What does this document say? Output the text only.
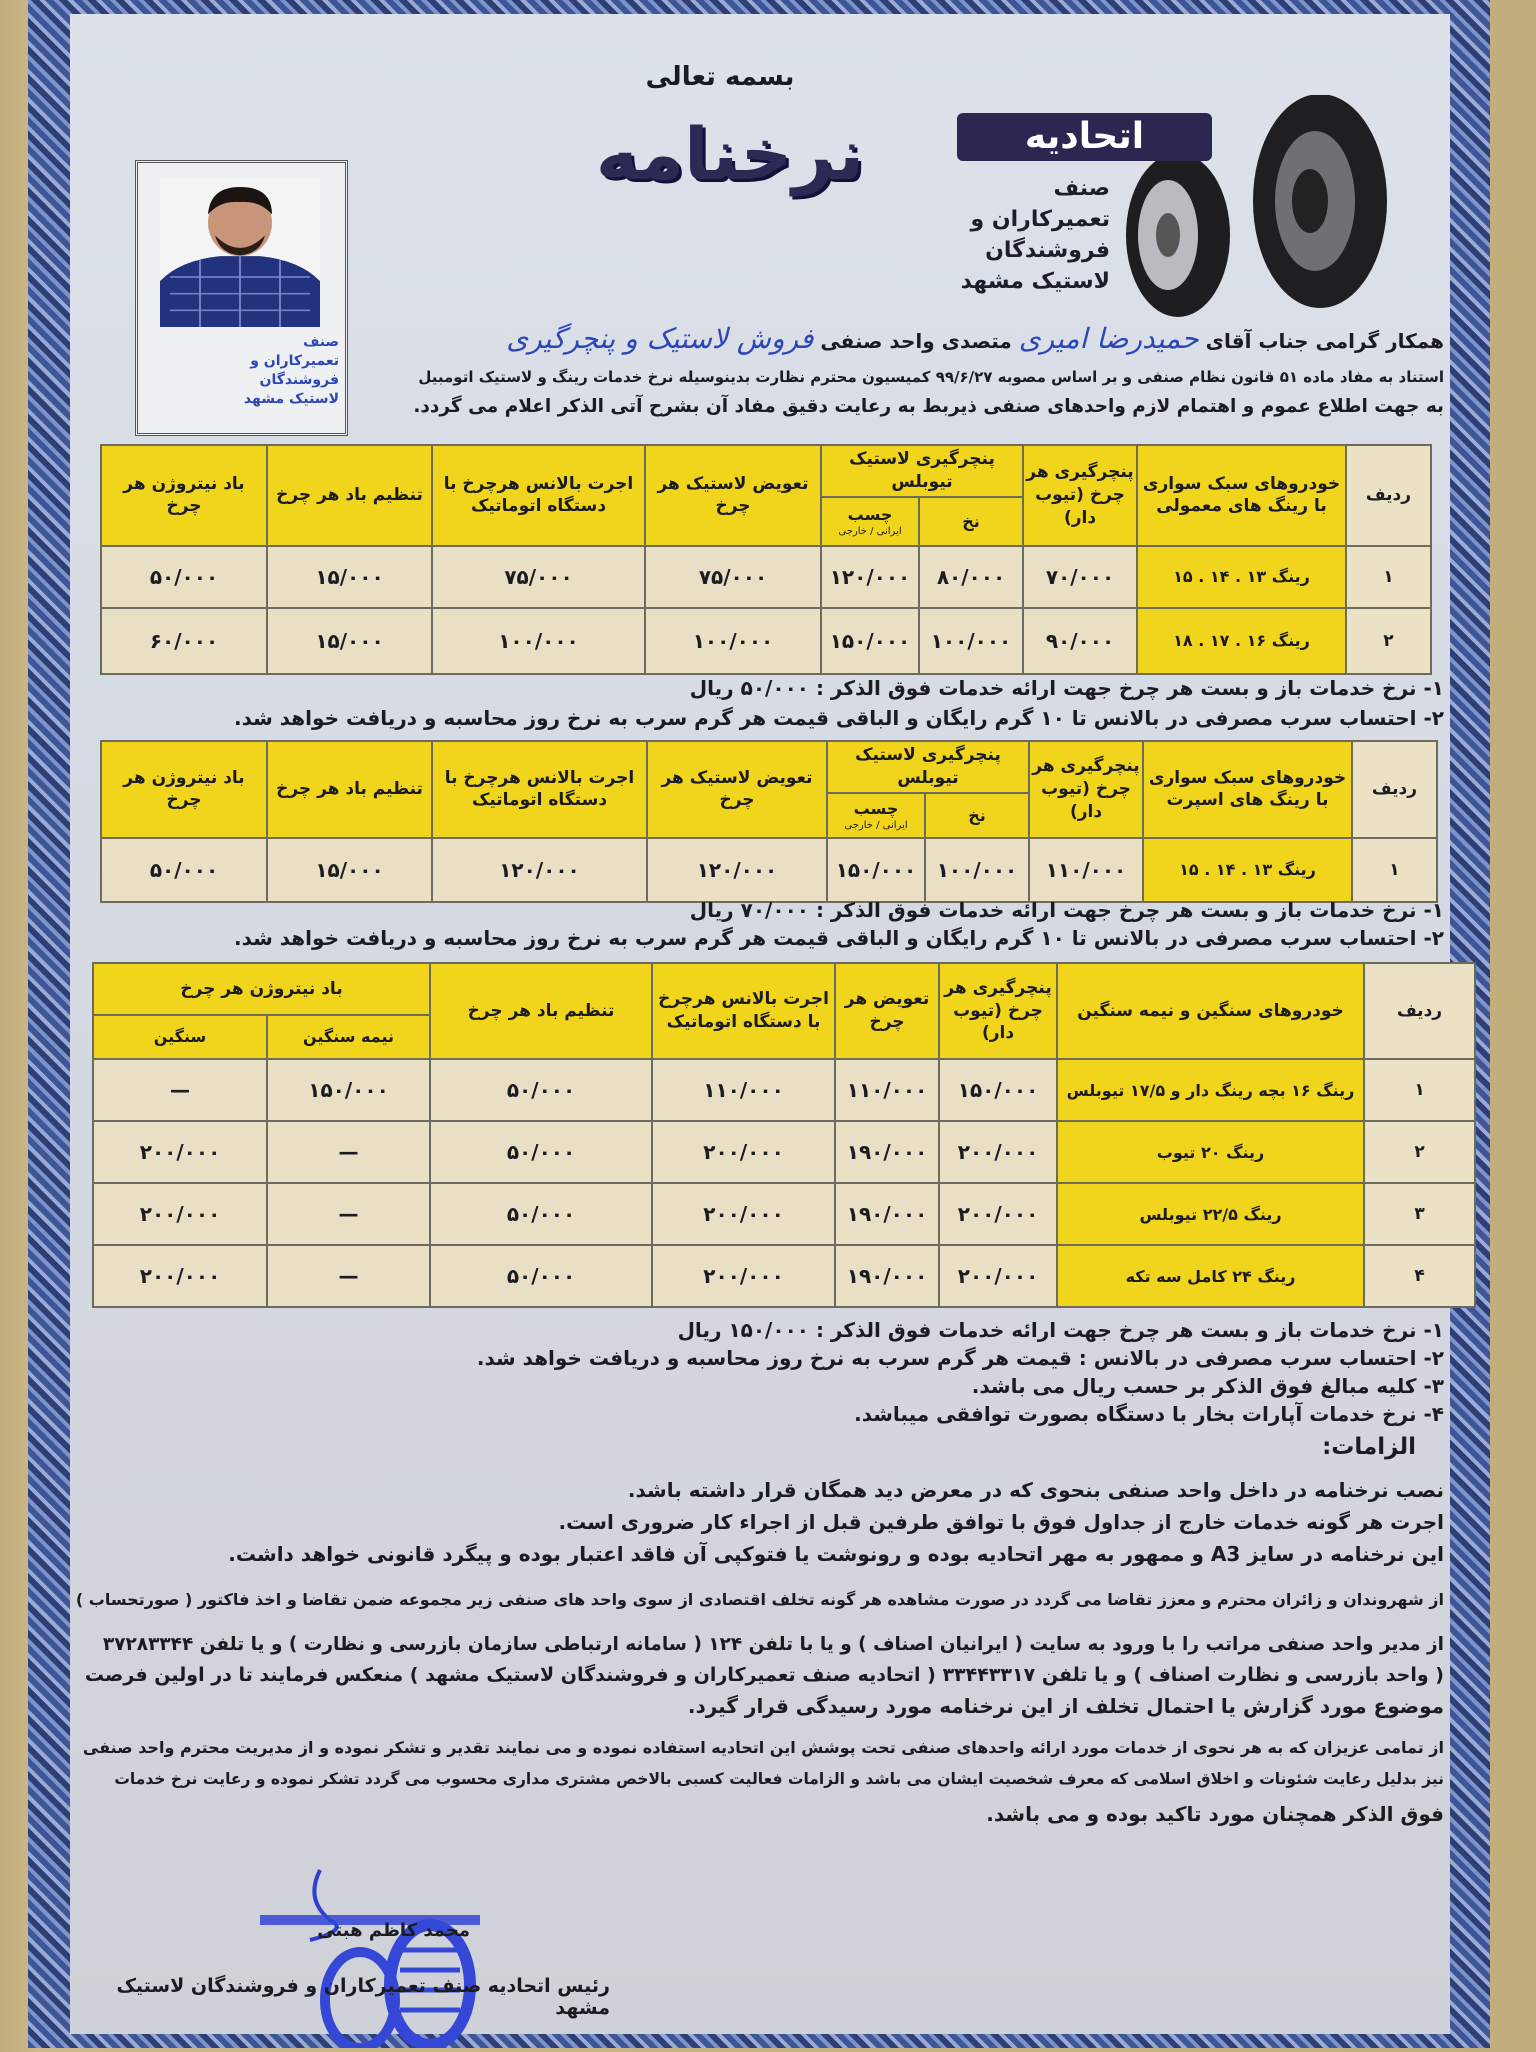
بسمه تعالی
نرخنامه	اتحادیه
صنف
تعمیرکاران و
فروشندگان
لاستیک مشهد
صنف
تعمیرکاران و
فروشندگان
لاستیک مشهد
همکار گرامی جناب آقای حمیدرضا امیری متصدی واحد صنفی فروش لاستیک و پنچرگیری
استناد به مفاد ماده ۵۱ قانون نظام صنفی و بر اساس مصوبه ۹۹/۶/۲۷ کمیسیون محترم نظارت بدینوسیله نرخ خدمات رینگ و لاستیک اتومبیل
به جهت اطلاع عموم و اهتمام لازم واحدهای صنفی ذیربط به رعایت دقیق مفاد آن بشرح آتی الذکر اعلام می گردد.
ردیف	خودروهای سبک سواری با رینگ های معمولی	پنچرگیری هر چرخ (تیوب دار)	پنچرگیری لاستیک تیوبلس		تعویض لاستیک هر چرخ	اجرت بالانس هرچرخ با دستگاه اتوماتیک	تنظیم باد هر چرخ	باد نیتروژن هر چرخ
			نخ	چسب
ایرانی / خارجی				

۱	رینگ ۱۳ . ۱۴ . ۱۵	۷۰/۰۰۰	۸۰/۰۰۰	۱۲۰/۰۰۰	۷۵/۰۰۰	۷۵/۰۰۰	۱۵/۰۰۰	۵۰/۰۰۰
۲	رینگ ۱۶ . ۱۷ . ۱۸	۹۰/۰۰۰	۱۰۰/۰۰۰	۱۵۰/۰۰۰	۱۰۰/۰۰۰	۱۰۰/۰۰۰	۱۵/۰۰۰	۶۰/۰۰۰
۱- نرخ خدمات باز و بست هر چرخ جهت ارائه خدمات فوق الذکر : ۵۰/۰۰۰ ریال
۲- احتساب سرب مصرفی در بالانس تا ۱۰ گرم رایگان و الباقی قیمت هر گرم سرب به نرخ روز محاسبه و دریافت خواهد شد.
ردیف	خودروهای سبک سواری با رینگ های اسپرت	پنچرگیری هر چرخ (تیوب دار)	پنچرگیری لاستیک تیوبلس		تعویض لاستیک هر چرخ	اجرت بالانس هرچرخ با دستگاه اتوماتیک	تنظیم باد هر چرخ	باد نیتروژن هر چرخ
			نخ	چسب
ایرانی / خارجی				

۱	رینگ ۱۳ . ۱۴ . ۱۵	۱۱۰/۰۰۰	۱۰۰/۰۰۰	۱۵۰/۰۰۰	۱۲۰/۰۰۰	۱۲۰/۰۰۰	۱۵/۰۰۰	۵۰/۰۰۰
۱- نرخ خدمات باز و بست هر چرخ جهت ارائه خدمات فوق الذکر : ۷۰/۰۰۰ ریال
۲- احتساب سرب مصرفی در بالانس تا ۱۰ گرم رایگان و الباقی قیمت هر گرم سرب به نرخ روز محاسبه و دریافت خواهد شد.
ردیف	خودروهای سنگین و نیمه سنگین	پنچرگیری هر چرخ (تیوب دار)	تعویض هر چرخ	اجرت بالانس هرچرخ با دستگاه اتوماتیک	تنظیم باد هر چرخ	باد نیتروژن هر چرخ	
						نیمه سنگین	سنگین
۱	رینگ ۱۶ بچه رینگ دار و ۱۷/۵ تیوبلس	۱۵۰/۰۰۰	۱۱۰/۰۰۰	۱۱۰/۰۰۰	۵۰/۰۰۰	۱۵۰/۰۰۰	—
۲	رینگ ۲۰ تیوب	۲۰۰/۰۰۰	۱۹۰/۰۰۰	۲۰۰/۰۰۰	۵۰/۰۰۰	—	۲۰۰/۰۰۰
۳	رینگ ۲۲/۵ تیوبلس	۲۰۰/۰۰۰	۱۹۰/۰۰۰	۲۰۰/۰۰۰	۵۰/۰۰۰	—	۲۰۰/۰۰۰
۴	رینگ ۲۴ کامل سه تکه	۲۰۰/۰۰۰	۱۹۰/۰۰۰	۲۰۰/۰۰۰	۵۰/۰۰۰	—	۲۰۰/۰۰۰
۱- نرخ خدمات باز و بست هر چرخ جهت ارائه خدمات فوق الذکر : ۱۵۰/۰۰۰ ریال
۲- احتساب سرب مصرفی در بالانس : قیمت هر گرم سرب به نرخ روز محاسبه و دریافت خواهد شد.
۳- کلیه مبالغ فوق الذکر بر حسب ریال می باشد.
۴- نرخ خدمات آپارات بخار با دستگاه بصورت توافقی میباشد.
الزامات:
نصب نرخنامه در داخل واحد صنفی بنحوی که در معرض دید همگان قرار داشته باشد.
اجرت هر گونه خدمات خارج از جداول فوق با توافق طرفین قبل از اجراء کار ضروری است.
این نرخنامه در سایز A3 و ممهور به مهر اتحادیه بوده و رونوشت یا فتوکپی آن فاقد اعتبار بوده و پیگرد قانونی خواهد داشت.
از شهروندان و زائران محترم و معزز تقاضا می گردد در صورت مشاهده هر گونه تخلف اقتصادی از سوی واحد های صنفی زیر مجموعه ضمن تقاضا و اخذ فاکتور ( صورتحساب )
از مدیر واحد صنفی مراتب را با ورود به سایت ( ایرانیان اصناف ) و یا با تلفن ۱۲۴ ( سامانه ارتباطی سازمان بازرسی و نظارت ) و یا تلفن ۳۷۲۸۳۳۴۴
( واحد بازرسی و نظارت اصناف ) و یا تلفن ۳۳۴۴۳۳۱۷ ( اتحادیه صنف تعمیرکاران و فروشندگان لاستیک مشهد ) منعکس فرمایند تا در اولین فرصت
موضوع مورد گزارش یا احتمال تخلف از این نرخنامه مورد رسیدگی قرار گیرد.
از تمامی عزیزان که به هر نحوی از خدمات مورد ارائه واحدهای صنفی تحت پوشش این اتحادیه استفاده نموده و می نمایند تقدیر و تشکر نموده و از مدیریت محترم واحد صنفی
نیز بدلیل رعایت شئونات و اخلاق اسلامی که معرف شخصیت ایشان می باشد و الزامات فعالیت کسبی بالاخص مشتری مداری محسوب می گردد تشکر نموده و رعایت نرخ خدمات
فوق الذکر همچنان مورد تاکید بوده و می باشد.
محمد کاظم هبتی
رئیس اتحادیه صنف تعمیرکاران و فروشندگان لاستیک مشهد
